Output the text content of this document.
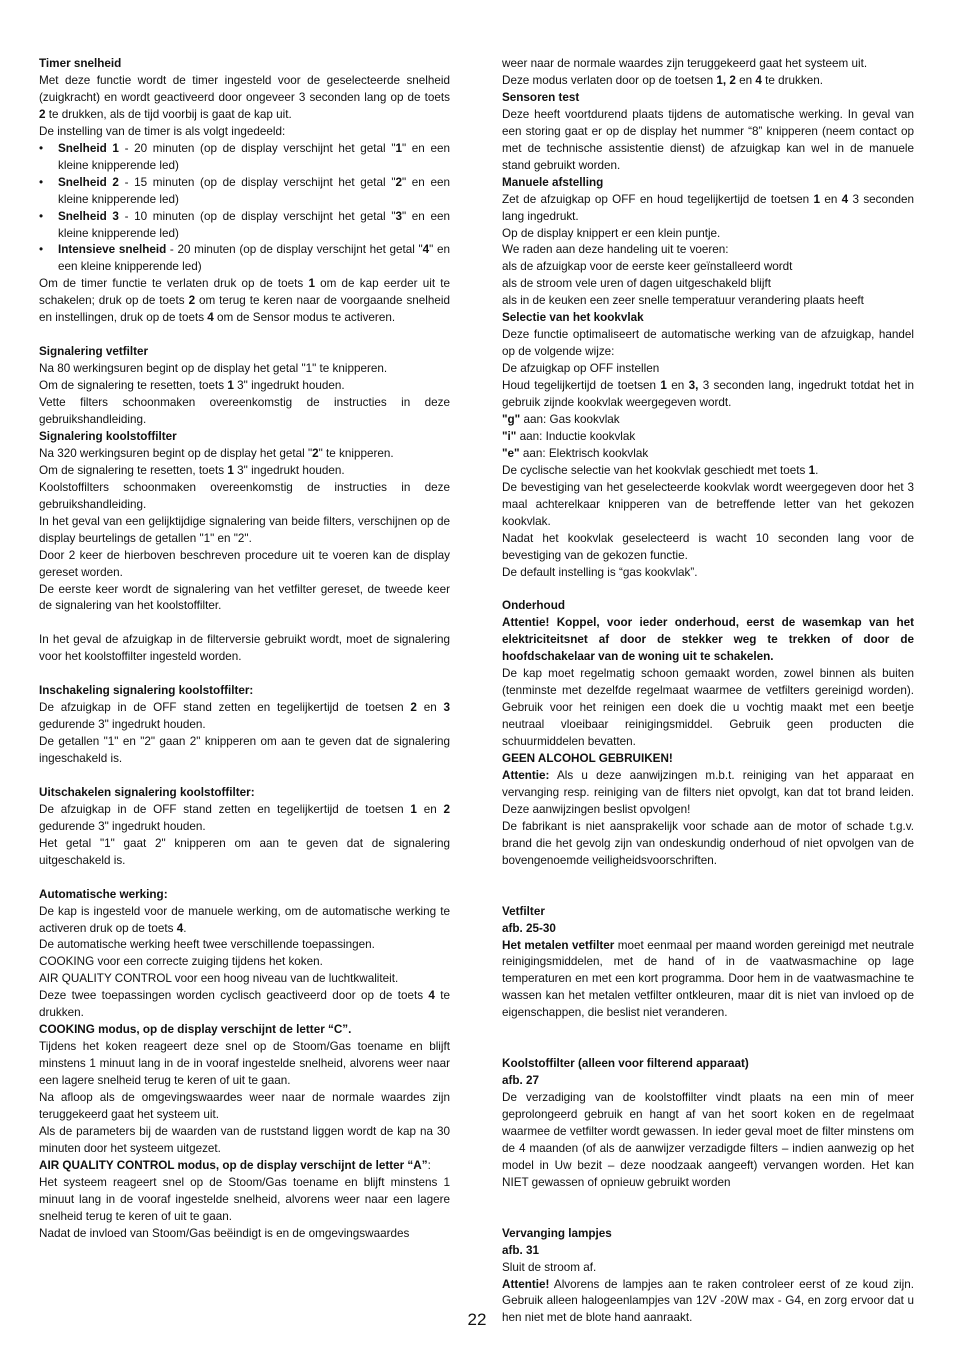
Timer snelheid

Met deze functie wordt de timer ingesteld voor de geselecteerde snelheid (zuigkracht) en wordt geactiveerd door ongeveer 3 seconden lang op de toets 2 te drukken, als de tijd voorbij is gaat de kap uit.

De instelling van de timer is als volgt ingedeeld:

• Snelheid 1 - 20 minuten (op de display verschijnt het getal "1" en een kleine knipperende led)
• Snelheid 2 - 15 minuten (op de display verschijnt het getal "2" en een kleine knipperende led)
• Snelheid 3 - 10 minuten (op de display verschijnt het getal "3" en een kleine knipperende led)
• Intensieve snelheid - 20 minuten (op de display verschijnt het getal "4" en een kleine knipperende led)

Om de timer functie te verlaten druk op de toets 1 om de kap eerder uit te schakelen; druk op de toets 2 om terug te keren naar de voorgaande snelheid en instellingen, druk op de toets 4 om de Sensor modus te activeren.

Signalering vetfilter

Na 80 werkingsuren begint op de display het getal "1" te knipperen.

Om de signalering te resetten, toets 1 3" ingedrukt houden.

Vette filters schoonmaken overeenkomstig de instructies in deze gebruikshandleiding.

Signalering koolstoffilter

Na 320 werkingsuren begint op de display het getal "2" te knipperen.

Om de signalering te resetten, toets 1 3" ingedrukt houden.

Koolstoffilters schoonmaken overeenkomstig de instructies in deze gebruikshandleiding.

In het geval van een gelijktijdige signalering van beide filters, verschijnen op de display beurtelings de getallen "1" en "2".

Door 2 keer de hierboven beschreven procedure uit te voeren kan de display gereset worden.

De eerste keer wordt de signalering van het vetfilter gereset, de tweede keer de signalering van het koolstoffilter.

In het geval de afzuigkap in de filterversie gebruikt wordt, moet de signalering voor het koolstoffilter ingesteld worden.

Inschakeling signalering koolstoffilter:

De afzuigkap in de OFF stand zetten en tegelijkertijd de toetsen 2 en 3 gedurende 3" ingedrukt houden.

De getallen "1" en "2" gaan 2" knipperen om aan te geven dat de signalering ingeschakeld is.

Uitschakelen signalering koolstoffilter:

De afzuigkap in de OFF stand zetten en tegelijkertijd de toetsen 1 en 2 gedurende 3" ingedrukt houden.

Het getal "1" gaat 2" knipperen om aan te geven dat de signalering uitgeschakeld is.

Automatische werking:

De kap is ingesteld voor de manuele werking, om de automatische werking te activeren druk op de toets 4.

De automatische werking heeft twee verschillende toepassingen.

COOKING voor een correcte zuiging tijdens het koken.

AIR QUALITY CONTROL voor een hoog niveau van de luchtkwaliteit.

Deze twee toepassingen worden cyclisch geactiveerd door op de toets 4 te drukken.

COOKING modus, op de display verschijnt de letter “C”.

Tijdens het koken reageert deze snel op de Stoom/Gas toename en blijft minstens 1 minuut lang in de in vooraf ingestelde snelheid, alvorens weer naar een lagere snelheid terug te keren of uit te gaan.

Na afloop als de omgevingswaardes weer naar de normale waardes zijn teruggekeerd gaat het systeem uit.

Als de parameters bij de waarden van de ruststand liggen wordt de kap na 30 minuten door het systeem uitgezet.

AIR QUALITY CONTROL modus, op de display verschijnt de letter “A”:

Het systeem reageert snel op de Stoom/Gas toename en blijft minstens 1 minuut lang in de vooraf ingestelde snelheid, alvorens weer naar een lagere snelheid terug te keren of uit te gaan.

Nadat de invloed van Stoom/Gas beëindigt is en de omgevingswaardes

weer naar de normale waardes zijn teruggekeerd gaat het systeem uit.

Deze modus verlaten door op de toetsen 1, 2 en 4 te drukken.

Sensoren test

Deze heeft voortdurend plaats tijdens de automatische werking. In geval van een storing gaat er op de display het nummer “8” knipperen (neem contact op met de technische assistentie dienst) de afzuigkap kan wel in de manuele stand gebruikt worden.

Manuele afstelling

Zet de afzuigkap op OFF en houd tegelijkertijd de toetsen 1 en 4 3 seconden lang ingedrukt.

Op de display knippert er een klein puntje.

We raden aan deze handeling uit te voeren:

als de afzuigkap voor de eerste keer geïnstalleerd wordt

als de stroom vele uren of dagen uitgeschakeld blijft

als in de keuken een zeer snelle temperatuur verandering plaats heeft

Selectie van het kookvlak

Deze functie optimaliseert de automatische werking van de afzuigkap, handel op de volgende wijze:

De afzuigkap op OFF instellen

Houd tegelijkertijd de toetsen 1 en 3, 3 seconden lang, ingedrukt totdat het in gebruik zijnde kookvlak weergegeven wordt.

"g" aan: Gas kookvlak

"i" aan: Inductie kookvlak

"e" aan: Elektrisch kookvlak

De cyclische selectie van het kookvlak geschiedt met toets 1.

De bevestiging van het geselecteerde kookvlak wordt weergegeven door het 3 maal achterelkaar knipperen van de betreffende letter van het gekozen kookvlak.

Nadat het kookvlak geselecteerd is wacht 10 seconden lang voor de bevestiging van de gekozen functie.

De default instelling is “gas kookvlak”.

Onderhoud

Attentie! Koppel, voor ieder onderhoud, eerst de wasemkap van het elektriciteitsnet af door de stekker weg te trekken of door de hoofdschakelaar van de woning uit te schakelen.

De kap moet regelmatig schoon gemaakt worden, zowel binnen als buiten (tenminste met dezelfde regelmaat waarmee de vetfilters gereinigd worden). Gebruik voor het reinigen een doek die u vochtig maakt met een beetje neutraal vloeibaar reinigingsmiddel. Gebruik geen producten die schuurmiddelen bevatten.

GEEN ALCOHOL GEBRUIKEN!

Attentie: Als u deze aanwijzingen m.b.t. reiniging van het apparaat en vervanging resp. reiniging van de filters niet opvolgt, kan dat tot brand leiden. Deze aanwijzingen beslist opvolgen!

De fabrikant is niet aansprakelijk voor schade aan de motor of schade t.g.v. brand die het gevolg zijn van ondeskundig onderhoud of niet opvolgen van de bovengenoemde veiligheidsvoorschriften.

Vetfilter

afb. 25-30

Het metalen vetfilter moet eenmaal per maand worden gereinigd met neutrale reinigingsmiddelen, met de hand of in de vaatwasmachine op lage temperaturen en met een kort programma. Door hem in de vaatwasmachine te wassen kan het metalen vetfilter ontkleuren, maar dit is niet van invloed op de eigenschappen, die beslist niet veranderen.

Koolstoffilter (alleen voor filterend apparaat)

afb. 27

De verzadiging van de koolstoffilter vindt plaats na een min of meer geprolongeerd gebruik en hangt af van het soort koken en de regelmaat waarmee de vetfilter wordt gewassen. In ieder geval moet de filter minstens om de 4 maanden (of als de aanwijzer verzadigde filters – indien aanwezig op het model in Uw bezit – deze noodzaak aangeeft) vervangen worden. Het kan NIET gewassen of opnieuw gebruikt worden

Vervanging lampjes

afb. 31

Sluit de stroom af.

Attentie! Alvorens de lampjes aan te raken controleer eerst of ze koud zijn. Gebruik alleen halogeenlampjes van 12V -20W max - G4, en zorg ervoor dat u hen niet met de blote hand aanraakt.

22
